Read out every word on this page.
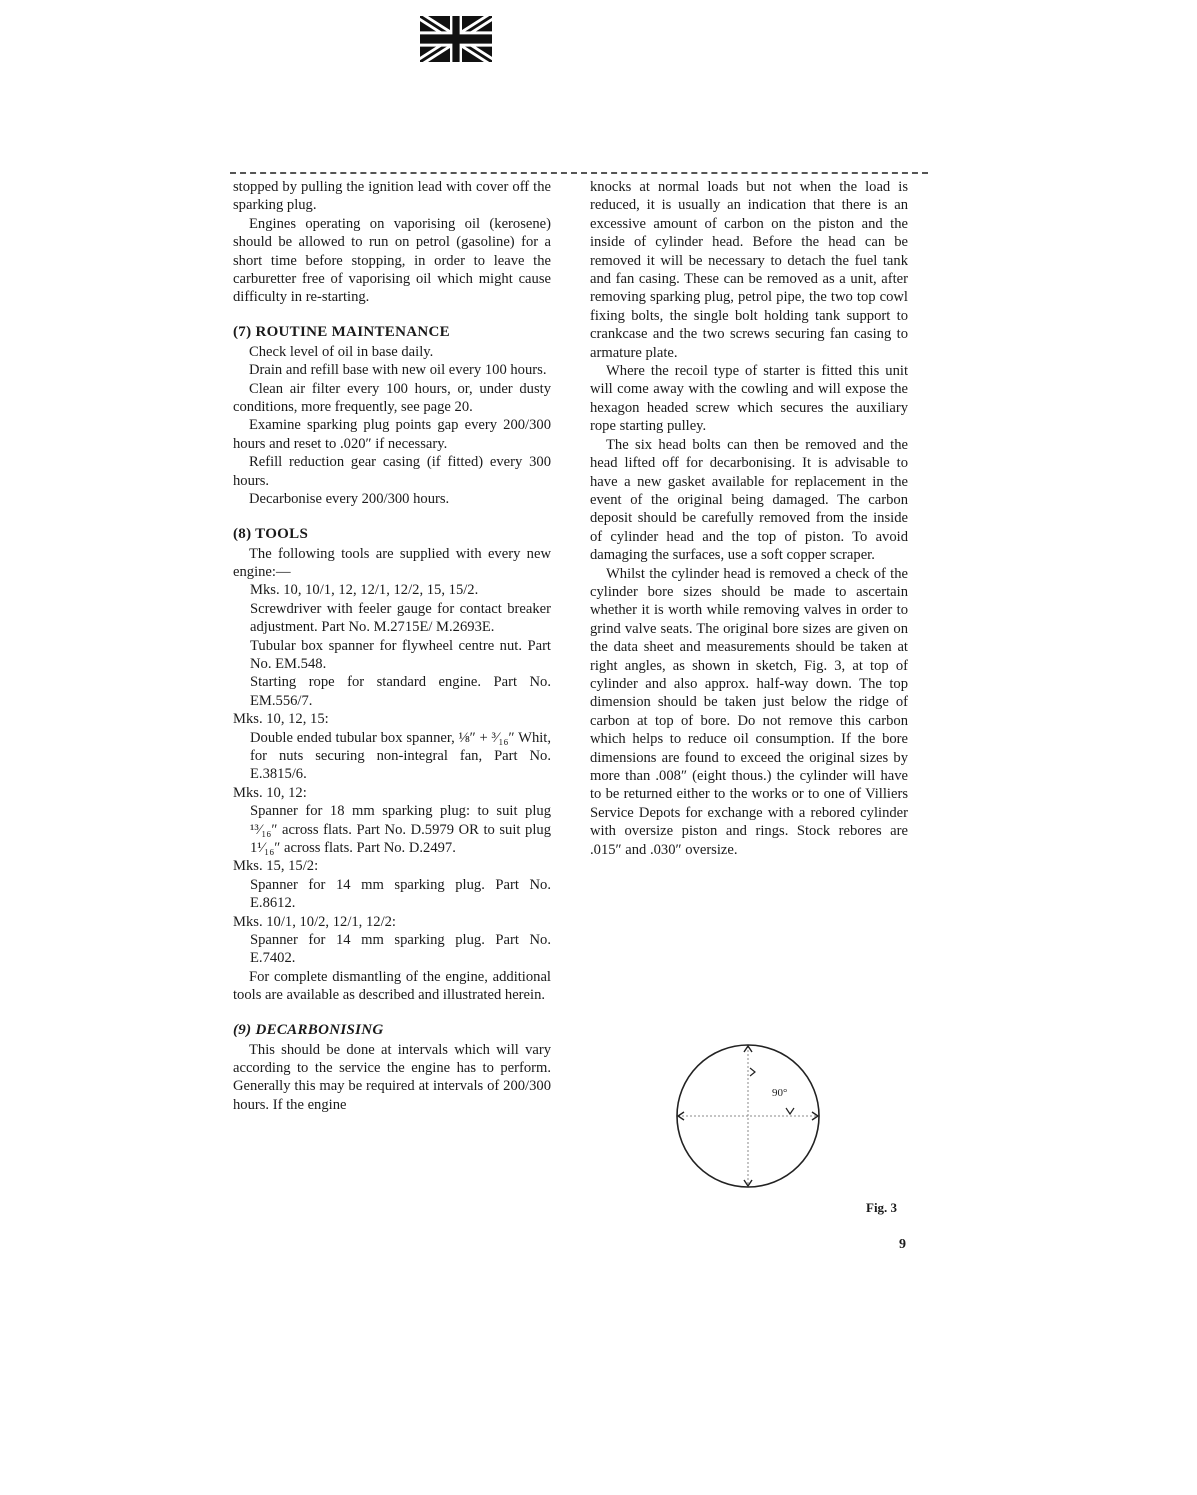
stopped by pulling the ignition lead with cover off the sparking plug.

Engines operating on vaporising oil (kerosene) should be allowed to run on petrol (gasoline) for a short time before stopping, in order to leave the carburetter free of vaporising oil which might cause difficulty in re-starting.

(7) ROUTINE MAINTENANCE

Check level of oil in base daily.

Drain and refill base with new oil every 100 hours.

Clean air filter every 100 hours, or, under dusty conditions, more frequently, see page 20.

Examine sparking plug points gap every 200/300 hours and reset to .020″ if necessary.

Refill reduction gear casing (if fitted) every 300 hours.

Decarbonise every 200/300 hours.

(8) TOOLS

The following tools are supplied with every new engine:—

Mks. 10, 10/1, 12, 12/1, 12/2, 15, 15/2.

Screwdriver with feeler gauge for contact breaker adjustment. Part No. M.2715E/ M.2693E.

Tubular box spanner for flywheel centre nut. Part No. EM.548.

Starting rope for standard engine. Part No. EM.556/7.

Mks. 10, 12, 15:

Double ended tubular box spanner, ⅛″ + ³⁄₁₆″ Whit, for nuts securing non-integral fan, Part No. E.3815/6.

Mks. 10, 12:

Spanner for 18 mm sparking plug: to suit plug ¹³⁄₁₆″ across flats. Part No. D.5979 OR to suit plug 1¹⁄₁₆″ across flats. Part No. D.2497.

Mks. 15, 15/2:

Spanner for 14 mm sparking plug. Part No. E.8612.

Mks. 10/1, 10/2, 12/1, 12/2:

Spanner for 14 mm sparking plug. Part No. E.7402.

For complete dismantling of the engine, additional tools are available as described and illustrated herein.

(9) DECARBONISING

This should be done at intervals which will vary according to the service the engine has to perform. Generally this may be required at intervals of 200/300 hours. If the engine

knocks at normal loads but not when the load is reduced, it is usually an indication that there is an excessive amount of carbon on the piston and the inside of cylinder head. Before the head can be removed it will be necessary to detach the fuel tank and fan casing. These can be removed as a unit, after removing sparking plug, petrol pipe, the two top cowl fixing bolts, the single bolt holding tank support to crankcase and the two screws securing fan casing to armature plate.

Where the recoil type of starter is fitted this unit will come away with the cowling and will expose the hexagon headed screw which secures the auxiliary rope starting pulley.

The six head bolts can then be removed and the head lifted off for decarbonising. It is advisable to have a new gasket available for replacement in the event of the original being damaged. The carbon deposit should be carefully removed from the inside of cylinder head and the top of piston. To avoid damaging the surfaces, use a soft copper scraper.

Whilst the cylinder head is removed a check of the cylinder bore sizes should be made to ascertain whether it is worth while removing valves in order to grind valve seats. The original bore sizes are given on the data sheet and measurements should be taken at right angles, as shown in sketch, Fig. 3, at top of cylinder and also approx. half-way down. The top dimension should be taken just below the ridge of carbon at top of bore. Do not remove this carbon which helps to reduce oil consumption. If the bore dimensions are found to exceed the original sizes by more than .008″ (eight thous.) the cylinder will have to be returned either to the works or to one of Villiers Service Depots for exchange with a rebored cylinder with oversize piston and rings. Stock rebores are .015″ and .030″ oversize.

90°
Fig. 3
9
